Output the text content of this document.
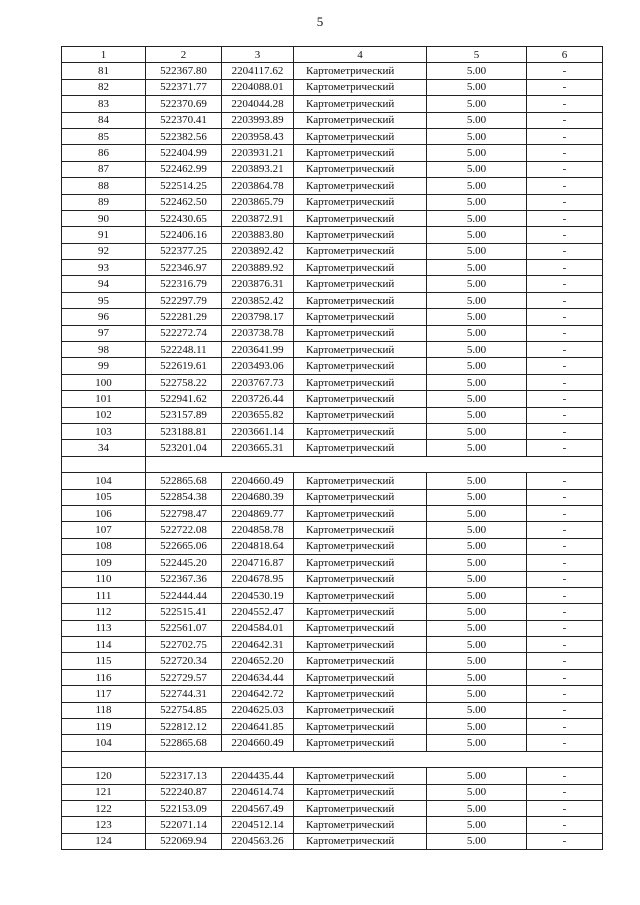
5
1	2	3	4	5	6
81	522367.80	2204117.62	Картометрический	5.00	-
82	522371.77	2204088.01	Картометрический	5.00	-
83	522370.69	2204044.28	Картометрический	5.00	-
84	522370.41	2203993.89	Картометрический	5.00	-
85	522382.56	2203958.43	Картометрический	5.00	-
86	522404.99	2203931.21	Картометрический	5.00	-
87	522462.99	2203893.21	Картометрический	5.00	-
88	522514.25	2203864.78	Картометрический	5.00	-
89	522462.50	2203865.79	Картометрический	5.00	-
90	522430.65	2203872.91	Картометрический	5.00	-
91	522406.16	2203883.80	Картометрический	5.00	-
92	522377.25	2203892.42	Картометрический	5.00	-
93	522346.97	2203889.92	Картометрический	5.00	-
94	522316.79	2203876.31	Картометрический	5.00	-
95	522297.79	2203852.42	Картометрический	5.00	-
96	522281.29	2203798.17	Картометрический	5.00	-
97	522272.74	2203738.78	Картометрический	5.00	-
98	522248.11	2203641.99	Картометрический	5.00	-
99	522619.61	2203493.06	Картометрический	5.00	-
100	522758.22	2203767.73	Картометрический	5.00	-
101	522941.62	2203726.44	Картометрический	5.00	-
102	523157.89	2203655.82	Картометрический	5.00	-
103	523188.81	2203661.14	Картометрический	5.00	-
34	523201.04	2203665.31	Картометрический	5.00	-

104	522865.68	2204660.49	Картометрический	5.00	-
105	522854.38	2204680.39	Картометрический	5.00	-
106	522798.47	2204869.77	Картометрический	5.00	-
107	522722.08	2204858.78	Картометрический	5.00	-
108	522665.06	2204818.64	Картометрический	5.00	-
109	522445.20	2204716.87	Картометрический	5.00	-
110	522367.36	2204678.95	Картометрический	5.00	-
111	522444.44	2204530.19	Картометрический	5.00	-
112	522515.41	2204552.47	Картометрический	5.00	-
113	522561.07	2204584.01	Картометрический	5.00	-
114	522702.75	2204642.31	Картометрический	5.00	-
115	522720.34	2204652.20	Картометрический	5.00	-
116	522729.57	2204634.44	Картометрический	5.00	-
117	522744.31	2204642.72	Картометрический	5.00	-
118	522754.85	2204625.03	Картометрический	5.00	-
119	522812.12	2204641.85	Картометрический	5.00	-
104	522865.68	2204660.49	Картометрический	5.00	-

120	522317.13	2204435.44	Картометрический	5.00	-
121	522240.87	2204614.74	Картометрический	5.00	-
122	522153.09	2204567.49	Картометрический	5.00	-
123	522071.14	2204512.14	Картометрический	5.00	-
124	522069.94	2204563.26	Картометрический	5.00	-
